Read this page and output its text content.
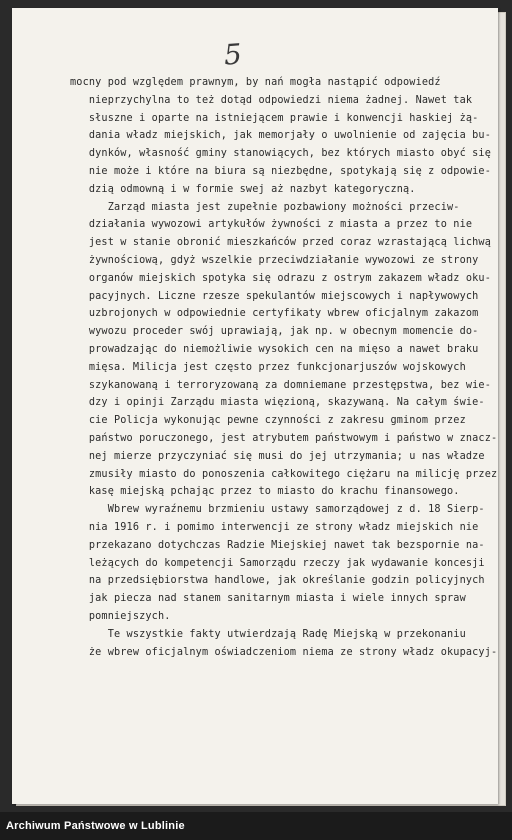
5
mocny pod względem prawnym, by nań mogła nastąpić odpowiedź
nieprzychylna to też dotąd odpowiedzi niema żadnej. Nawet tak
słuszne i oparte na istniejącem prawie i konwencji haskiej żą-
dania władz miejskich, jak memorjały o uwolnienie od zajęcia bu-
dynków, własność gminy stanowiących, bez których miasto obyć się
nie może i które na biura są niezbędne, spotykają się z odpowie-
dzią odmowną i w formie swej aż nazbyt kategoryczną.
Zarząd miasta jest zupełnie pozbawiony możności przeciw-
działania wywozowi artykułów żywności z miasta a przez to nie
jest w stanie obronić mieszkańców przed coraz wzrastającą lichwą
żywnościową, gdyż wszelkie przeciwdziałanie wywozowi ze strony
organów miejskich spotyka się odrazu z ostrym zakazem władz oku-
pacyjnych. Liczne rzesze spekulantów miejscowych i napływowych
uzbrojonych w odpowiednie certyfikaty wbrew oficjalnym zakazom
wywozu proceder swój uprawiają, jak np. w obecnym momencie do-
prowadzając do niemożliwie wysokich cen na mięso a nawet braku
mięsa. Milicja jest często przez funkcjonarjuszów wojskowych
szykanowaną i terroryzowaną za domniemane przestępstwa, bez wie-
dzy i opinji Zarządu miasta więzioną, skazywaną. Na całym świe-
cie Policja wykonując pewne czynności z zakresu gminom przez
państwo poruczonego, jest atrybutem państwowym i państwo w znacz-
nej mierze przyczyniać się musi do jej utrzymania; u nas władze
zmusiły miasto do ponoszenia całkowitego ciężaru na milicję przez
kasę miejską pchając przez to miasto do krachu finansowego.
Wbrew wyraźnemu brzmieniu ustawy samorządowej z d. 18 Sierp-
nia 1916 r. i pomimo interwencji ze strony władz miejskich nie
przekazano dotychczas Radzie Miejskiej nawet tak bezspornie na-
leżących do kompetencji Samorządu rzeczy jak wydawanie koncesji
na przedsiębiorstwa handlowe, jak określanie godzin policyjnych
jak piecza nad stanem sanitarnym miasta i wiele innych spraw
pomniejszych.
Te wszystkie fakty utwierdzają Radę Miejską w przekonaniu
że wbrew oficjalnym oświadczeniom niema ze strony władz okupacyj-
Archiwum Państwowe w Lublinie
